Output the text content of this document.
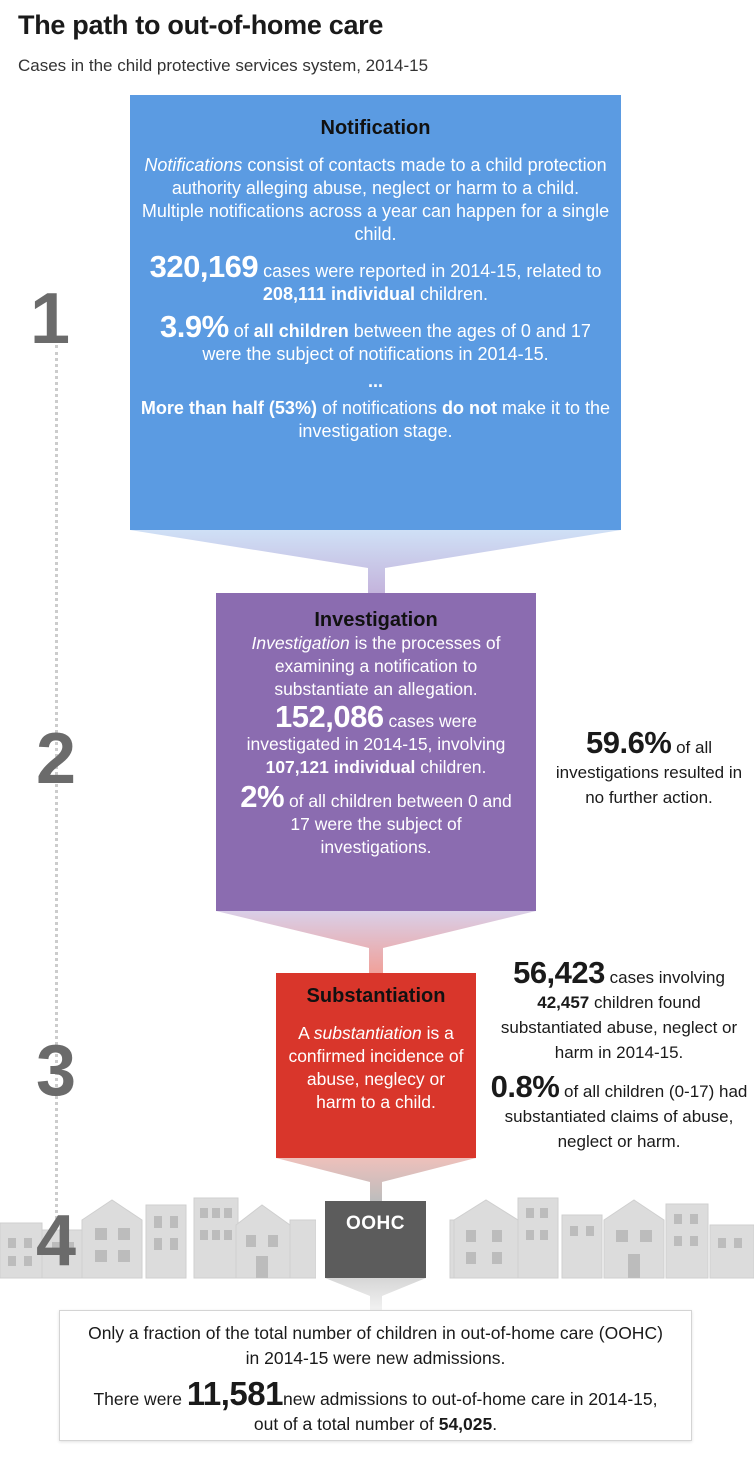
The path to out-of-home care
Cases in the child protective services system, 2014-15
1
2
3
4

Notification

Notifications consist of contacts made to a child protection authority alleging abuse, neglect or harm to a child. Multiple notifications across a year can happen for a single child.

320,169 cases were reported in 2014-15, related to 208,111 individual children.

3.9% of all children between the ages of 0 and 17 were the subject of notifications in 2014-15.

...

More than half (53%) of notifications do not make it to the investigation stage.

Investigation

Investigation is the processes of examining a notification to substantiate an allegation.

152,086 cases were investigated in 2014-15, involving 107,121 individual children.

2% of all children between 0 and 17 were the subject of investigations.

59.6% of all investigations resulted in no further action.

Substantiation

A substantiation is a confirmed incidence of abuse, neglecy or harm to a child.

56,423 cases involving 42,457 children found substantiated abuse, neglect or harm in 2014-15.
0.8% of all children (0-17) had substantiated claims of abuse, neglect or harm.
OOHC

Only a fraction of the total number of children in out-of-home care (OOHC) in 2014-15 were new admissions.

There were 11,581new admissions to out-of-home care in 2014-15, out of a total number of 54,025.
